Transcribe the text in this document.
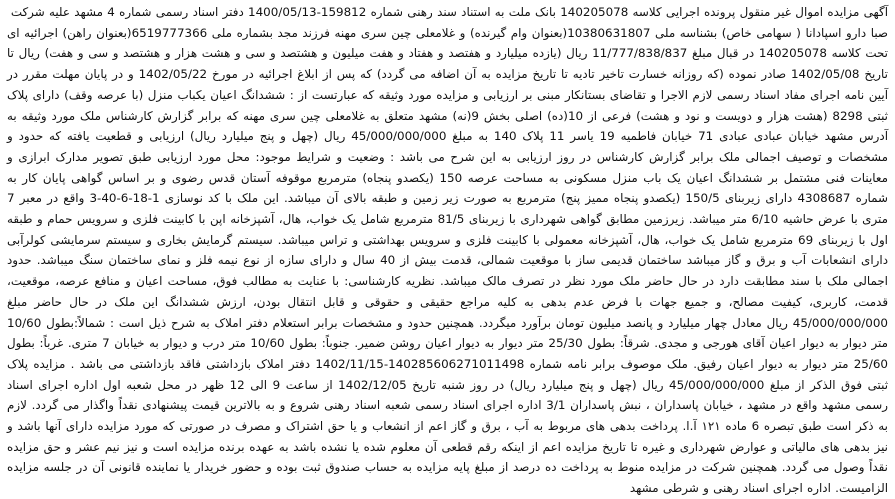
آگهی مزایده اموال غیر منقول پرونده اجرایی کلاسه 140205078 بانک ملت به استناد سند رهنی شماره 159812-1400/05/13 دفتر اسناد رسمی شماره 4 مشهد علیه شرکت

صبا دارو اسپادانا ( سهامی خاص) بشناسه ملی 10380631807(بعنوان وام گیرنده) و غلامعلی چین سری مهنه فرزند مجد بشماره ملی 6519777366(بعنوان راهن) اجرائیه ای تحت کلاسه 140205078 در قبال مبلغ 11/777/838/837 ریال (یازده میلیارد و هفتصد و هفتاد و هفت میلیون و هشتصد و سی و هشت هزار و هشتصد و سی و هفت) ریال تا تاریخ 1402/05/08 صادر نموده (که روزانه خسارت تاخیر تادیه تا تاریخ مزایده به آن اضافه می گردد) که پس از ابلاغ اجرائیه در مورخ 1402/05/22 و در پایان مهلت مقرر در آیین نامه اجرای مفاد اسناد رسمی لازم الاجرا و تقاضای بستانکار مبنی بر ارزیابی و مزایده مورد وثیقه که عبارتست از : ششدانگ اعیان یکباب منزل (با عرصه وقف) دارای پلاک ثبتی 8298 (هشت هزار و دویست و نود و هشت) فرعی از 10(ده) اصلی بخش 9(نه) مشهد متعلق به غلامعلی چین سری مهنه که برابر گزارش کارشناس ملک مورد وثیقه به آدرس مشهد خیابان عبادی عبادی 71 خیابان فاطمیه 19 یاسر 11 پلاک 140 به مبلغ 45/000/000/000 ریال (چهل و پنج میلیارد ریال) ارزیابی و قطعیت یافته که حدود و مشخصات و توصیف اجمالی ملک برابر گزارش کارشناس در روز ارزیابی به این شرح می باشد : وضعیت و شرایط موجود: محل مورد ارزیابی طبق تصویر مدارک ابرازی و معاینات فنی مشتمل بر ششدانگ اعیان یک باب منزل مسکونی به مساحت عرصه 150 (یکصدو پنجاه) مترمربع موقوفه آستان قدس رضوی و بر اساس گواهی پایان کار به شماره 4308687 دارای زیربنای 150/5 (یکصدو پنجاه ممیز پنج) مترمربع به صورت زیر زمین و طبقه بالای آن میباشد. این ملک با کد نوسازی 1-18-6-40-3 واقع در معبر 7 متری با عرض حاشیه 6/10 متر میباشد. زیرزمین مطابق گواهی شهرداری با زیربنای 81/5 مترمربع شامل یک خواب، هال، آشپزخانه اپن با کابینت فلزی و سرویس حمام و طبقه اول با زیربنای 69 مترمربع شامل یک خواب، هال، آشپزخانه معمولی با کابینت فلزی و سرویس بهداشتی و تراس میباشد. سیستم گرمایش بخاری و سیستم سرمایشی کولرآبی دارای انشعابات آب و برق و گاز میباشد ساختمان قدیمی ساز با موقعیت شمالی، قدمت بیش از 40 سال و دارای سازه از نوع نیمه فلز و نمای ساختمان سنگ میباشد. حدود اجمالی ملک با سند مطابقت دارد در حال حاضر ملک مورد نظر در تصرف مالک میباشد. نظریه کارشناسی: با عنایت به مطالب فوق، مساحت اعیان و منافع عرصه، موقعیت، قدمت، کاربری، کیفیت مصالح، و جمیع جهات با فرض عدم بدهی به کلیه مراجع حقیقی و حقوقی و قابل انتقال بودن، ارزش ششدانگ این ملک در حال حاضر مبلغ 45/000/000/000 ریال معادل چهار میلیارد و پانصد میلیون تومان برآورد میگردد. همچنین حدود و مشخصات برابر استعلام دفتر املاک به شرح ذیل است : شمالاً:بطول 10/60 متر دیوار به دیوار اعیان آقای هورجی و مجدی. شرقاً: بطول 25/30 متر دیوار به دیوار اعیان روشن ضمیر. جنوباً: بطول 10/60 متر درب و دیوار به خیابان 7 متری. غرباً: بطول 25/60 متر دیوار به دیوار اعیان رفیق. ملک موصوف برابر نامه شماره 140285606271011498-1402/11/15 دفتر املاک بازداشتی فاقد بازداشتی می باشد . مزایده پلاک ثبتی فوق الذکر از مبلغ 45/000/000/000 ریال (چهل و پنج میلیارد ریال) در روز شنبه تاریخ 1402/12/05 از ساعت 9 الی 12 ظهر در محل شعبه اول اداره اجرای اسناد رسمی مشهد واقع در مشهد ، خیابان پاسداران ، نبش پاسداران 3/1 اداره اجرای اسناد رسمی شعبه اسناد رهنی شروع و به بالاترین قیمت پیشنهادی نقداً واگذار می گردد. لازم به ذکر است طبق تبصره 6 ماده ۱۲۱ آ.ا. پرداخت بدهی های مربوط به آب ، برق و گاز اعم از انشعاب و یا حق اشتراک و مصرف در صورتی که مورد مزایده دارای آنها باشد و نیز بدهی های مالیاتی و عوارض شهرداری و غیره تا تاریخ مزایده اعم از اینکه رقم قطعی آن معلوم شده یا نشده باشد به عهده برنده مزایده است و نیز نیم عشر و حق مزایده نقداً وصول می گردد. همچنین شرکت در مزایده منوط به پرداخت ده درصد از مبلغ پایه مزایده به حساب صندوق ثبت بوده و حضور خریدار یا نماینده قانونی آن در جلسه مزایده الزامیست. اداره اجرای اسناد رهنی و شرطی مشهد
